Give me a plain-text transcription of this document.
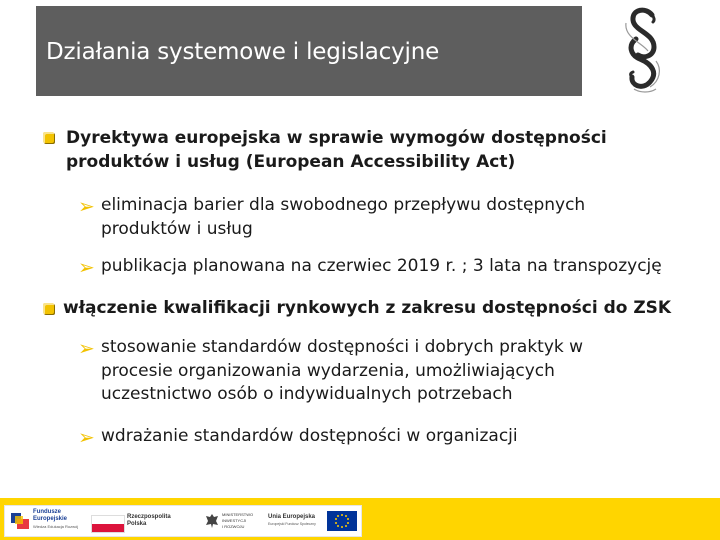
Działania systemowe i legislacyjne
Dyrektywa europejska w sprawie wymogów dostępności produktów i usług (European Accessibility Act)
➢ eliminacja barier dla swobodnego przepływu dostępnych produktów i usług
➢ publikacja planowana na czerwiec 2019 r. ; 3 lata na transpozycję
włączenie kwalifikacji rynkowych z zakresu dostępności do ZSK
➢ stosowanie standardów dostępności i dobrych praktyk w procesie organizowania wydarzenia, umożliwiających uczestnictwo osób o indywidualnych potrzebach
➢ wdrażanie standardów dostępności w organizacji
Fundusze
Europejskie
Wiedza Edukacja Rozwój
Rzeczpospolita
Polska
MINISTERSTWO
INWESTYCJI
I ROZWOJU
Unia Europejska
Europejski Fundusz Społeczny
